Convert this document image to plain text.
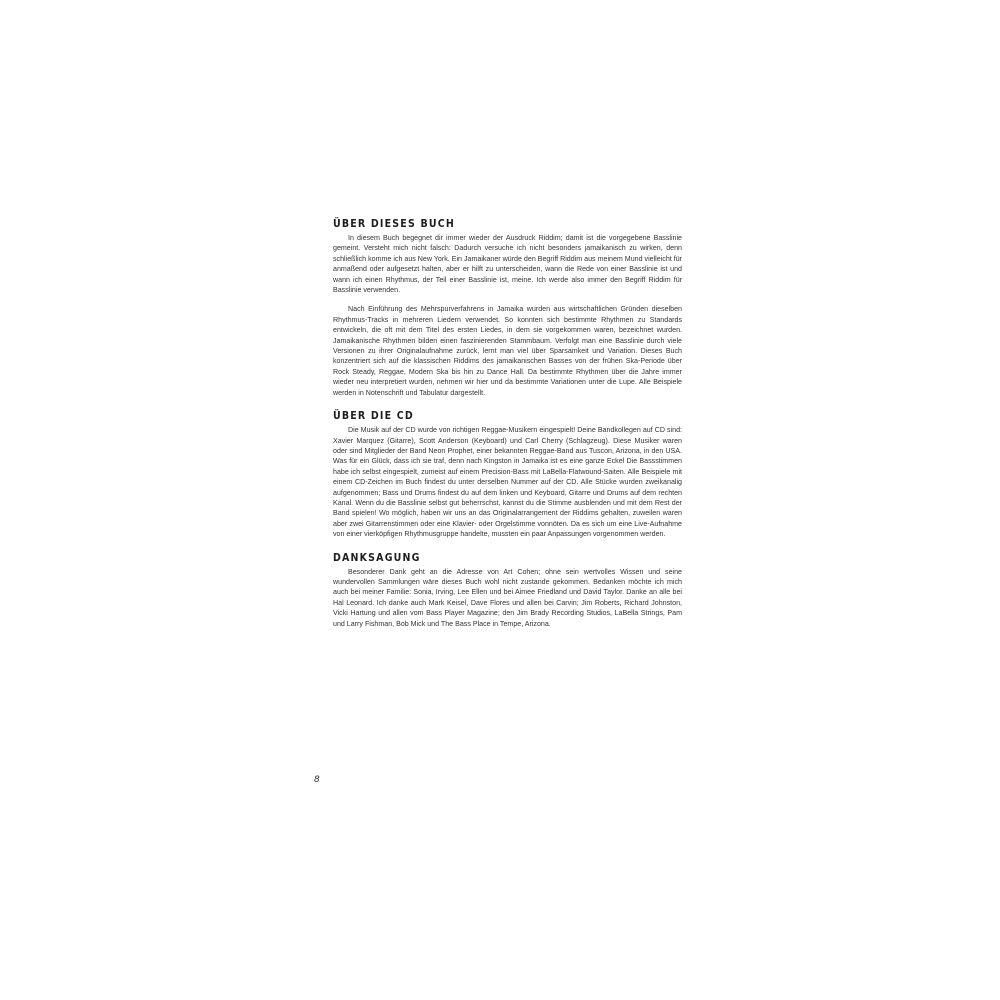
ÜBER DIESES BUCH

In diesem Buch begegnet dir immer wieder der Ausdruck Riddim; damit ist die vorgegebene Basslinie gemeint. Versteht mich nicht falsch: Dadurch versuche ich nicht besonders jamaikanisch zu wirken, denn schließlich komme ich aus New York. Ein Jamaikaner würde den Begriff Riddim aus meinem Mund vielleicht für anmaßend oder aufgesetzt halten, aber er hilft zu unterscheiden, wann die Rede von einer Basslinie ist und wann ich einen Rhythmus, der Teil einer Basslinie ist, meine. Ich werde also immer den Begriff Riddim für Basslinie verwenden.

Nach Einführung des Mehrspurverfahrens in Jamaika wurden aus wirtschaftlichen Gründen dieselben Rhythmus-Tracks in mehreren Liedern verwendet. So konnten sich bestimmte Rhythmen zu Standards entwickeln, die oft mit dem Titel des ersten Liedes, in dem sie vorgekommen waren, bezeichnet wurden. Jamaikanische Rhythmen bilden einen faszinierenden Stammbaum. Verfolgt man eine Basslinie durch viele Versionen zu ihrer Originalaufnahme zurück, lernt man viel über Sparsamkeit und Variation. Dieses Buch konzentriert sich auf die klassischen Riddims des jamaikanischen Basses von der frühen Ska-Periode über Rock Steady, Reggae, Modern Ska bis hin zu Dance Hall. Da bestimmte Rhythmen über die Jahre immer wieder neu interpretiert wurden, nehmen wir hier und da bestimmte Variationen unter die Lupe. Alle Beispiele werden in Notenschrift und Tabulatur dargestellt.

ÜBER DIE CD

Die Musik auf der CD wurde von richtigen Reggae-Musikern eingespielt! Deine Bandkollegen auf CD sind: Xavier Marquez (Gitarre), Scott Anderson (Keyboard) und Carl Cherry (Schlagzeug). Diese Musiker waren oder sind Mitglieder der Band Neon Prophet, einer bekannten Reggae-Band aus Tuscon, Arizona, in den USA. Was für ein Glück, dass ich sie traf, denn nach Kingston in Jamaika ist es eine ganze Eckel Die Bassstimmen habe ich selbst eingespielt, zumeist auf einem Precision-Bass mit LaBella-Flatwound-Saiten. Alle Beispiele mit einem CD-Zeichen im Buch findest du unter derselben Nummer auf der CD. Alle Stücke wurden zweikanalig aufgenommen; Bass und Drums findest du auf dem linken und Keyboard, Gitarre und Drums auf dem rechten Kanal. Wenn du die Basslinie selbst gut beherrschst, kannst du die Stimme ausblenden und mit dem Rest der Band spielen! Wo möglich, haben wir uns an das Originalarrangement der Riddims gehalten, zuweilen waren aber zwei Gitarrenstimmen oder eine Klavier- oder Orgelstimme vonnöten. Da es sich um eine Live-Aufnahme von einer vierköpfigen Rhythmusgruppe handelte, mussten ein paar Anpassungen vorgenommen werden.

DANKSAGUNG

Besonderer Dank geht an die Adresse von Art Cohen; ohne sein wertvolles Wissen und seine wundervollen Sammlungen wäre dieses Buch wohl nicht zustande gekommen. Bedanken möchte ich mich auch bei meiner Familie: Sonia, Irving, Lee Ellen und bei Aimee Friedland und David Taylor. Danke an alle bei Hal Leonard. Ich danke auch Mark Keisel, Dave Flores und allen bei Carvin; Jim Roberts, Richard Johnston, Vicki Hartung und allen vom Bass Player Magazine; den Jim Brady Recording Studios, LaBella Strings, Pam und Larry Fishman, Bob Mick und The Bass Place in Tempe, Arizona.

8
